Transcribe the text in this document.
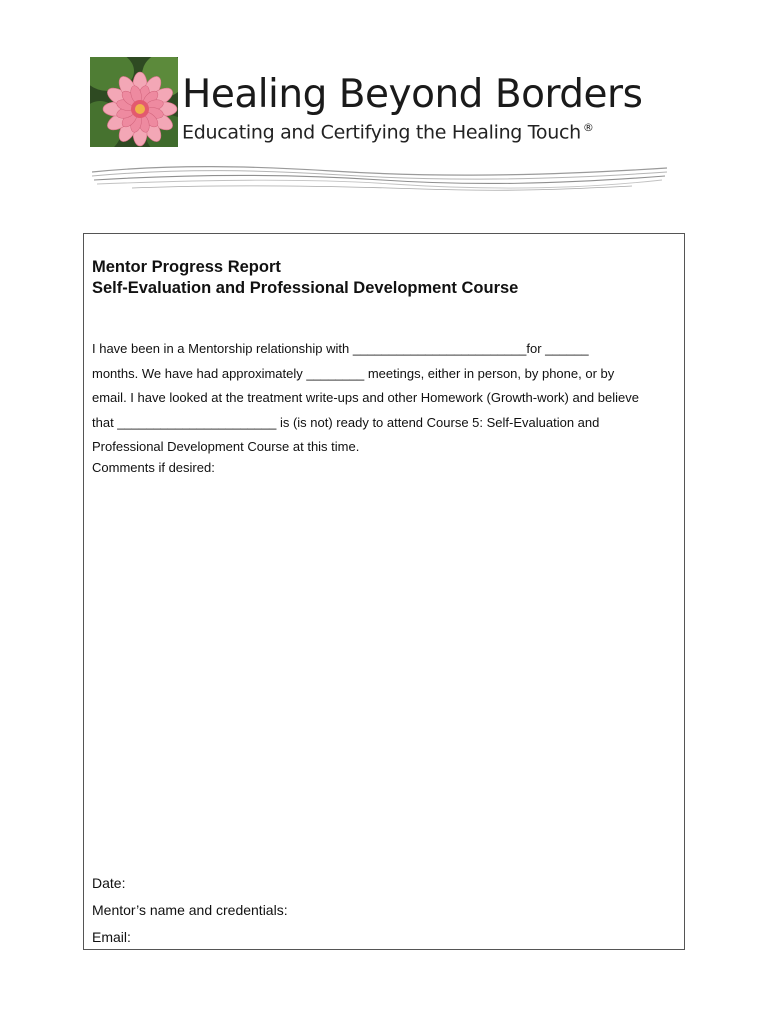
Healing Beyond Borders
Educating and Certifying the Healing Touch ®
Mentor Progress Report
Self-Evaluation and Professional Development Course
I have been in a Mentorship relationship with ________________________for ______
months. We have had approximately ________ meetings, either in person, by phone, or by
email. I have looked at the treatment write-ups and other Homework (Growth-work) and believe
that ______________________ is (is not) ready to attend Course 5: Self-Evaluation and
Professional Development Course at this time.
Comments if desired:
Date:
Mentor’s name and credentials:
Email:
